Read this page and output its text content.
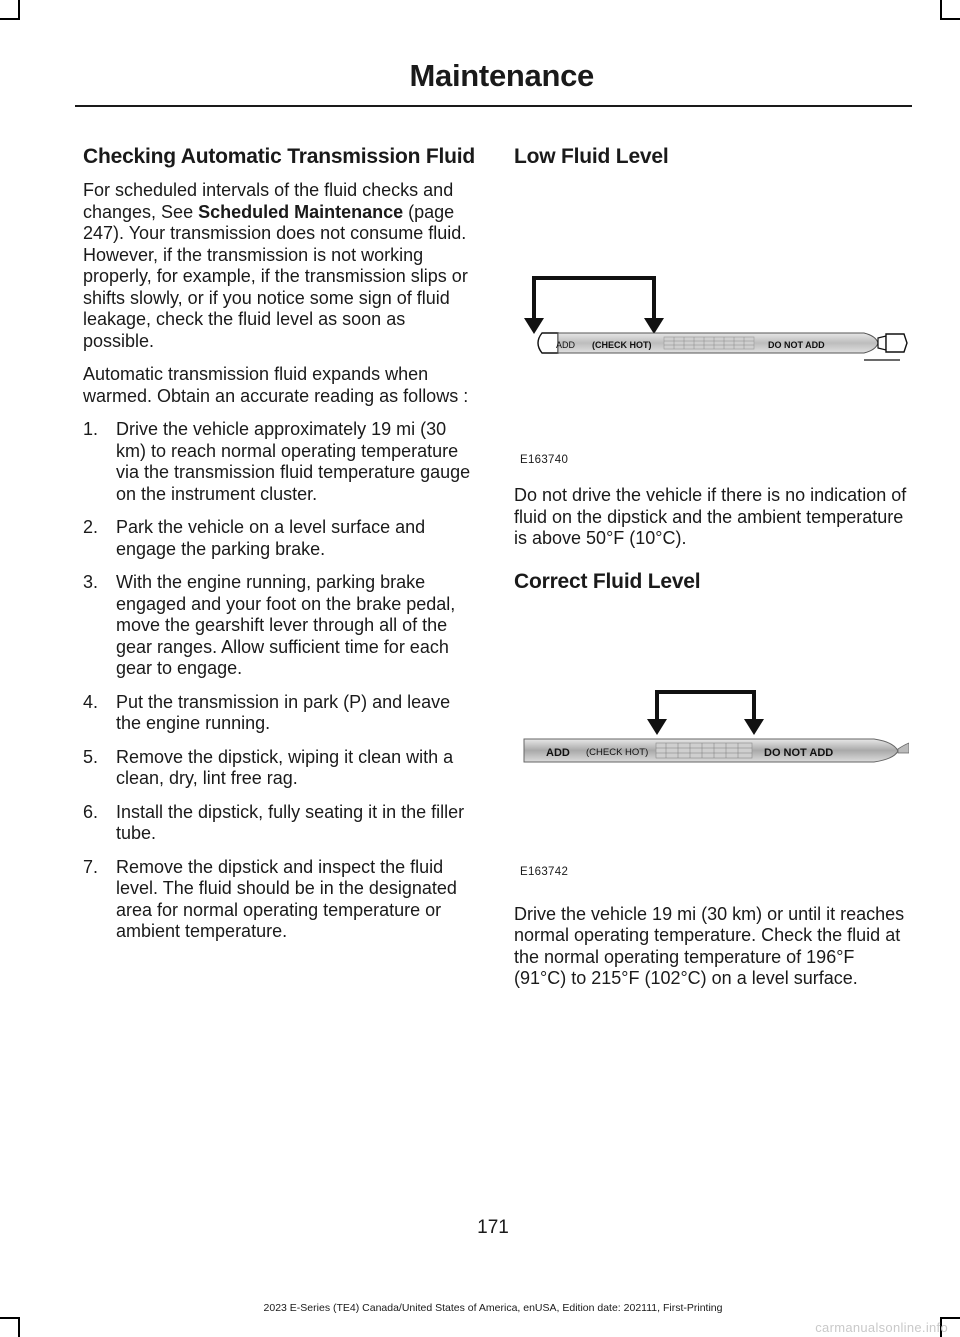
Maintenance
Checking Automatic Transmission Fluid

For scheduled intervals of the fluid checks and changes, See Scheduled Maintenance (page 247). Your transmission does not consume fluid. However, if the transmission is not working properly, for example, if the transmission slips or shifts slowly, or if you notice some sign of fluid leakage, check the fluid level as soon as possible.

Automatic transmission fluid expands when warmed. Obtain an accurate reading as follows :

1. Drive the vehicle approximately 19 mi (30 km) to reach normal operating temperature via the transmission fluid temperature gauge on the instrument cluster.
2. Park the vehicle on a level surface and engage the parking brake.
3. With the engine running, parking brake engaged and your foot on the brake pedal, move the gearshift lever through all of the gear ranges. Allow sufficient time for each gear to engage.
4. Put the transmission in park (P) and leave the engine running.
5. Remove the dipstick, wiping it clean with a clean, dry, lint free rag.
6. Install the dipstick, fully seating it in the filler tube.
7. Remove the dipstick and inspect the fluid level. The fluid should be in the designated area for normal operating temperature or ambient temperature.
Low Fluid Level
ADD (CHECK HOT)	DO NOT ADD
E163740

Do not drive the vehicle if there is no indication of fluid on the dipstick and the ambient temperature is above 50°F (10°C).

Correct Fluid Level
ADD (CHECK HOT)	DO NOT ADD
E163742

Drive the vehicle 19 mi (30 km) or until it reaches normal operating temperature. Check the fluid at the normal operating temperature of 196°F (91°C) to 215°F (102°C) on a level surface.

171
2023 E-Series (TE4) Canada/United States of America, enUSA, Edition date: 202111, First-Printing
carmanualsonline.info
